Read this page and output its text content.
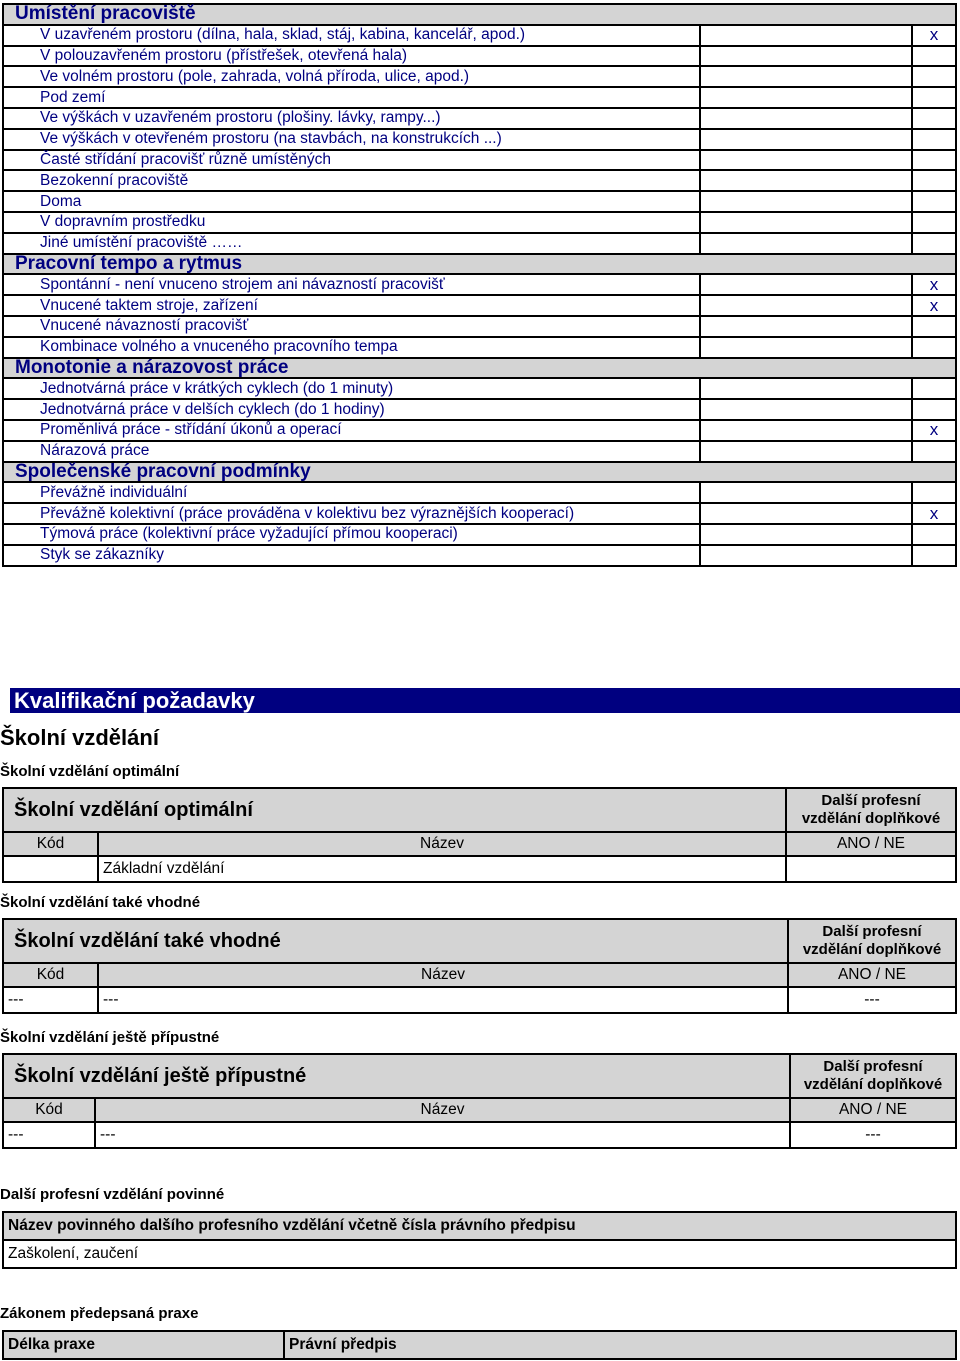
Umístění pracoviště		
V uzavřeném prostoru (dílna, hala, sklad, stáj, kabina, kancelář, apod.)		x
V polouzavřeném prostoru (přístřešek, otevřená hala)		
Ve volném prostoru (pole, zahrada, volná příroda, ulice, apod.)		
Pod zemí		
Ve výškách v uzavřeném prostoru (plošiny. lávky, rampy...)		
Ve výškách v otevřeném prostoru (na stavbách, na konstrukcích ...)		
Časté střídání pracovišť různě umístěných		
Bezokenní pracoviště		
Doma		
V dopravním prostředku		
Jiné umístění pracoviště ……		
Pracovní tempo a rytmus		
Spontánní - není vnuceno strojem ani návazností pracovišť		x
Vnucené taktem stroje, zařízení		x
Vnucené návazností pracovišť		
Kombinace volného a vnuceného pracovního tempa		
Monotonie a nárazovost práce		
Jednotvárná práce v krátkých cyklech (do 1 minuty)		
Jednotvárná práce v delších cyklech (do 1 hodiny)		
Proměnlivá práce - střídání úkonů a operací		x
Nárazová práce		
Společenské pracovní podmínky		
Převážně individuální		
Převážně kolektivní (práce prováděna v kolektivu bez výraznějších kooperací)		x
Týmová práce (kolektivní práce vyžadující přímou kooperaci)		
Styk se zákazníky		
Kvalifikační požadavky
Školní vzdělání
Školní vzdělání optimální
Školní vzdělání optimální		Další profesní
vzdělání doplňkové
Kód	Název	ANO / NE
	Základní vzdělání	
Školní vzdělání také vhodné
Školní vzdělání také vhodné		Další profesní
vzdělání doplňkové
Kód	Název	ANO / NE
---	---	---
Školní vzdělání ještě přípustné
Školní vzdělání ještě přípustné		Další profesní
vzdělání doplňkové
Kód	Název	ANO / NE
---	---	---
Další profesní vzdělání povinné
Název povinného dalšího profesního vzdělání včetně čísla právního předpisu
Zaškolení, zaučení
Zákonem předepsaná praxe
Délka praxe	Právní předpis
